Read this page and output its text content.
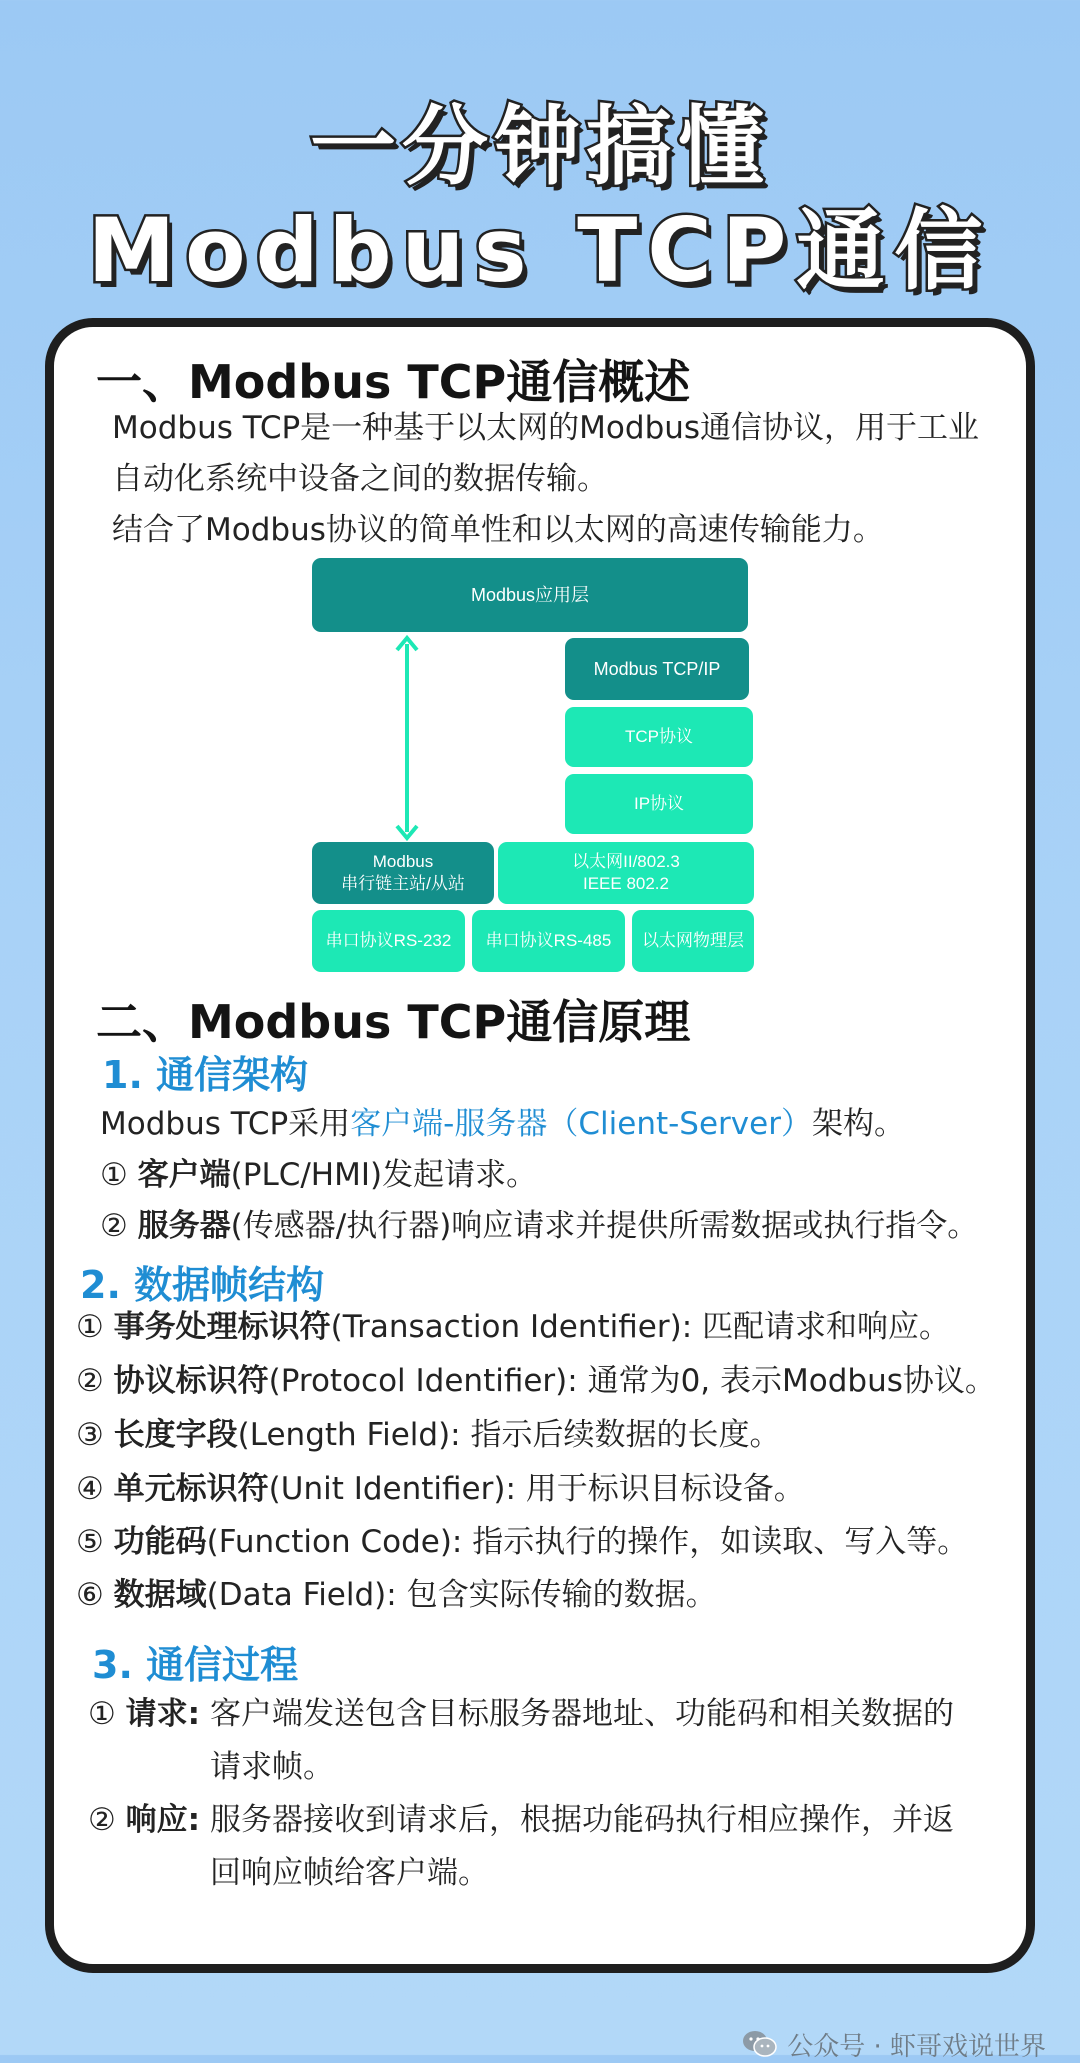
一分钟搞懂
Modbus TCP通信
一、Modbus TCP通信概述
Modbus TCP是一种基于以太网的Modbus通信协议，用于工业
自动化系统中设备之间的数据传输。
结合了Modbus协议的简单性和以太网的高速传输能力。
Modbus应用层
Modbus TCP/IP
TCP协议
IP协议
Modbus
串行链主站/从站
以太网II/802.3
IEEE 802.2
串口协议RS-232 串口协议RS-485 以太网物理层
二、Modbus TCP通信原理
1. 通信架构
Modbus TCP采用客户端-服务器（Client-Server）架构。
① 客户端(PLC/HMI)发起请求。
② 服务器(传感器/执行器)响应请求并提供所需数据或执行指令。
2. 数据帧结构
① 事务处理标识符(Transaction Identifier): 匹配请求和响应。
② 协议标识符(Protocol Identifier): 通常为0, 表示Modbus协议。
③ 长度字段(Length Field): 指示后续数据的长度。
④ 单元标识符(Unit Identifier): 用于标识目标设备。
⑤ 功能码(Function Code): 指示执行的操作，如读取、写入等。
⑥ 数据域(Data Field): 包含实际传输的数据。
3. 通信过程
① 请求: 客户端发送包含目标服务器地址、功能码和相关数据的
请求帧。
② 响应: 服务器接收到请求后，根据功能码执行相应操作，并返
回响应帧给客户端。
公众号 · 虾哥戏说世界
